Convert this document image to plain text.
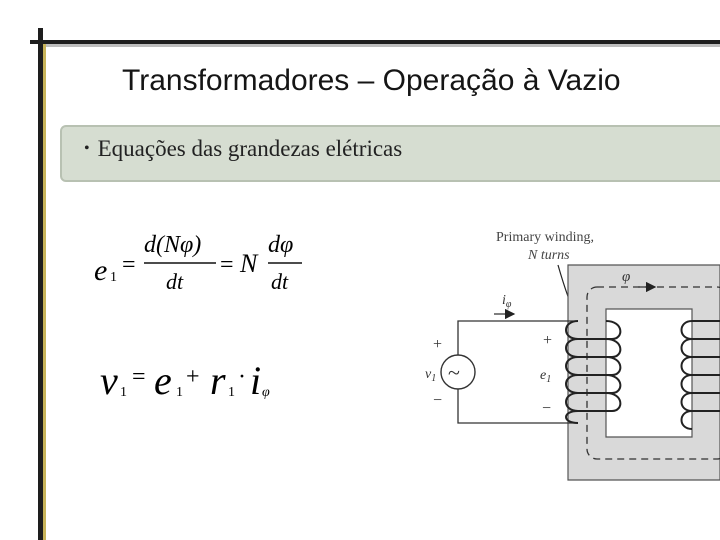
Transformadores – Operação à Vazio
• Equações das grandezas elétricas
e 1 =
d(Nφ)
dt
= N
dφ
dt
v 1
= e 1
+ r 1
· i φ
Primary winding,
N turns
φ
$i_\varphi$
~
$v_1$
+
−
+
$e_1$
−
